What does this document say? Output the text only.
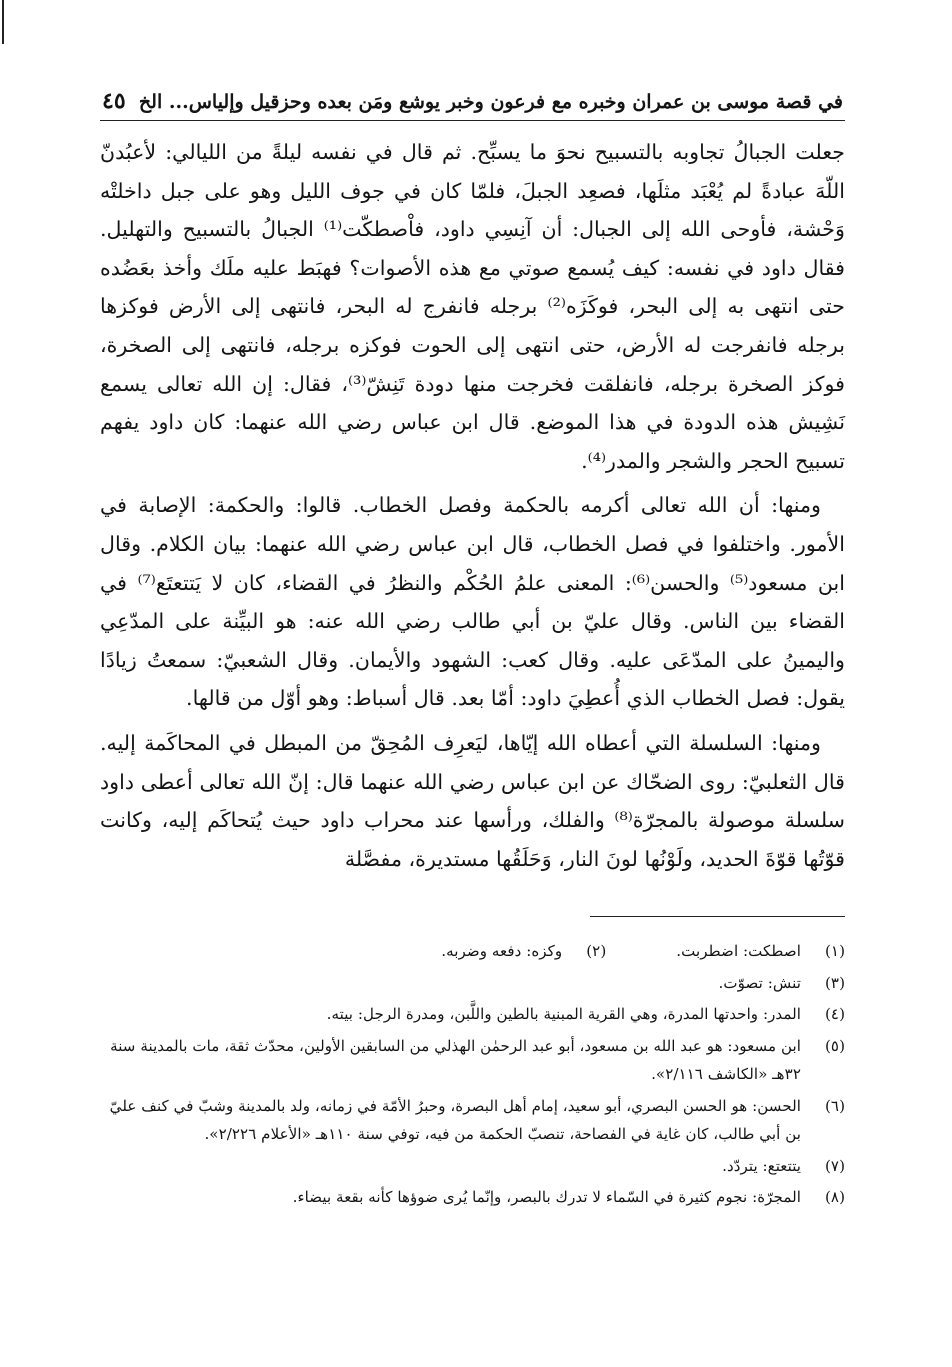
في قصة موسى بن عمران وخبره مع فرعون وخبر يوشع ومَن بعده وحزقيل وإلياس... الخ
٤٥

جعلت الجبالُ تجاوبه بالتسبيح نحوَ ما يسبِّح. ثم قال في نفسه ليلةً من الليالي: لأعبُدنّ اللّهَ عبادةً لم يُعْبَد مثلَها، فصعِد الجبلَ، فلمّا كان في جوف الليل وهو على جبل داخلتْه وَحْشة، فأوحى الله إلى الجبال: أن آنِسِي داود، فاْصطكّت⁽¹⁾ الجبالُ بالتسبيح والتهليل. فقال داود في نفسه: كيف يُسمع صوتي مع هذه الأصوات؟ فهبَط عليه ملَك وأخذ بعَضُده حتى انتهى به إلى البحر، فوكَزَه⁽²⁾ برجله فانفرج له البحر، فانتهى إلى الأرض فوكزها برجله فانفرجت له الأرض، حتى انتهى إلى الحوت فوكزه برجله، فانتهى إلى الصخرة، فوكز الصخرة برجله، فانفلقت فخرجت منها دودة تَنِشّ⁽³⁾، فقال: إن الله تعالى يسمع نَشِيش هذه الدودة في هذا الموضع. قال ابن عباس رضي الله عنهما: كان داود يفهم تسبيح الحجر والشجر والمدر⁽⁴⁾.

ومنها: أن الله تعالى أكرمه بالحكمة وفصل الخطاب. قالوا: والحكمة: الإصابة في الأمور. واختلفوا في فصل الخطاب، قال ابن عباس رضي الله عنهما: بيان الكلام. وقال ابن مسعود⁽⁵⁾ والحسن⁽⁶⁾: المعنى علمُ الحُكْم والنظرُ في القضاء، كان لا يَتتعتَع⁽⁷⁾ في القضاء بين الناس. وقال عليّ بن أبي طالب رضي الله عنه: هو البيِّنة على المدّعِي واليمينُ على المدّعَى عليه. وقال كعب: الشهود والأيمان. وقال الشعبيّ: سمعتُ زيادًا يقول: فصل الخطاب الذي أُعطِيَ داود: أمّا بعد. قال أسباط: وهو أوّل من قالها.

ومنها: السلسلة التي أعطاه الله إيّاها، ليَعرِف المُحِقّ من المبطل في المحاكَمة إليه. قال الثعلبيّ: روى الضحّاك عن ابن عباس رضي الله عنهما قال: إنّ الله تعالى أعطى داود سلسلة موصولة بالمجرّة⁽⁸⁾ والفلك، ورأسها عند محراب داود حيث يُتحاكَم إليه، وكانت قوّتُها قوّةَ الحديد، ولَوْنُها لونَ النار، وَحَلَقُها مستديرة، مفصَّلة

(١)
اصطكت: اضطربت.
(٢)
وكزه: دفعه وضربه.
(٣)
تنش: تصوّت.
(٤)
المدر: واحدتها المدرة، وهي القرية المبنية بالطين واللَّبن، ومدرة الرجل: بيته.
(٥)
ابن مسعود: هو عبد الله بن مسعود، أبو عبد الرحمٰن الهذلي من السابقين الأولين، محدّث ثقة، مات بالمدينة سنة ٣٢هـ «الكاشف ٢/١١٦».
(٦)
الحسن: هو الحسن البصري، أبو سعيد، إمام أهل البصرة، وحبرُ الأمّة في زمانه، ولد بالمدينة وشبّ في كنف عليّ بن أبي طالب، كان غاية في الفصاحة، تنصبّ الحكمة من فيه، توفي سنة ١١٠هـ «الأعلام ٢/٢٢٦».
(٧)
يتتعتع: يتردّد.
(٨)
المجرّة: نجوم كثيرة في السّماء لا تدرك بالبصر، وإنّما يُرى ضوؤها كأنه بقعة بيضاء.
